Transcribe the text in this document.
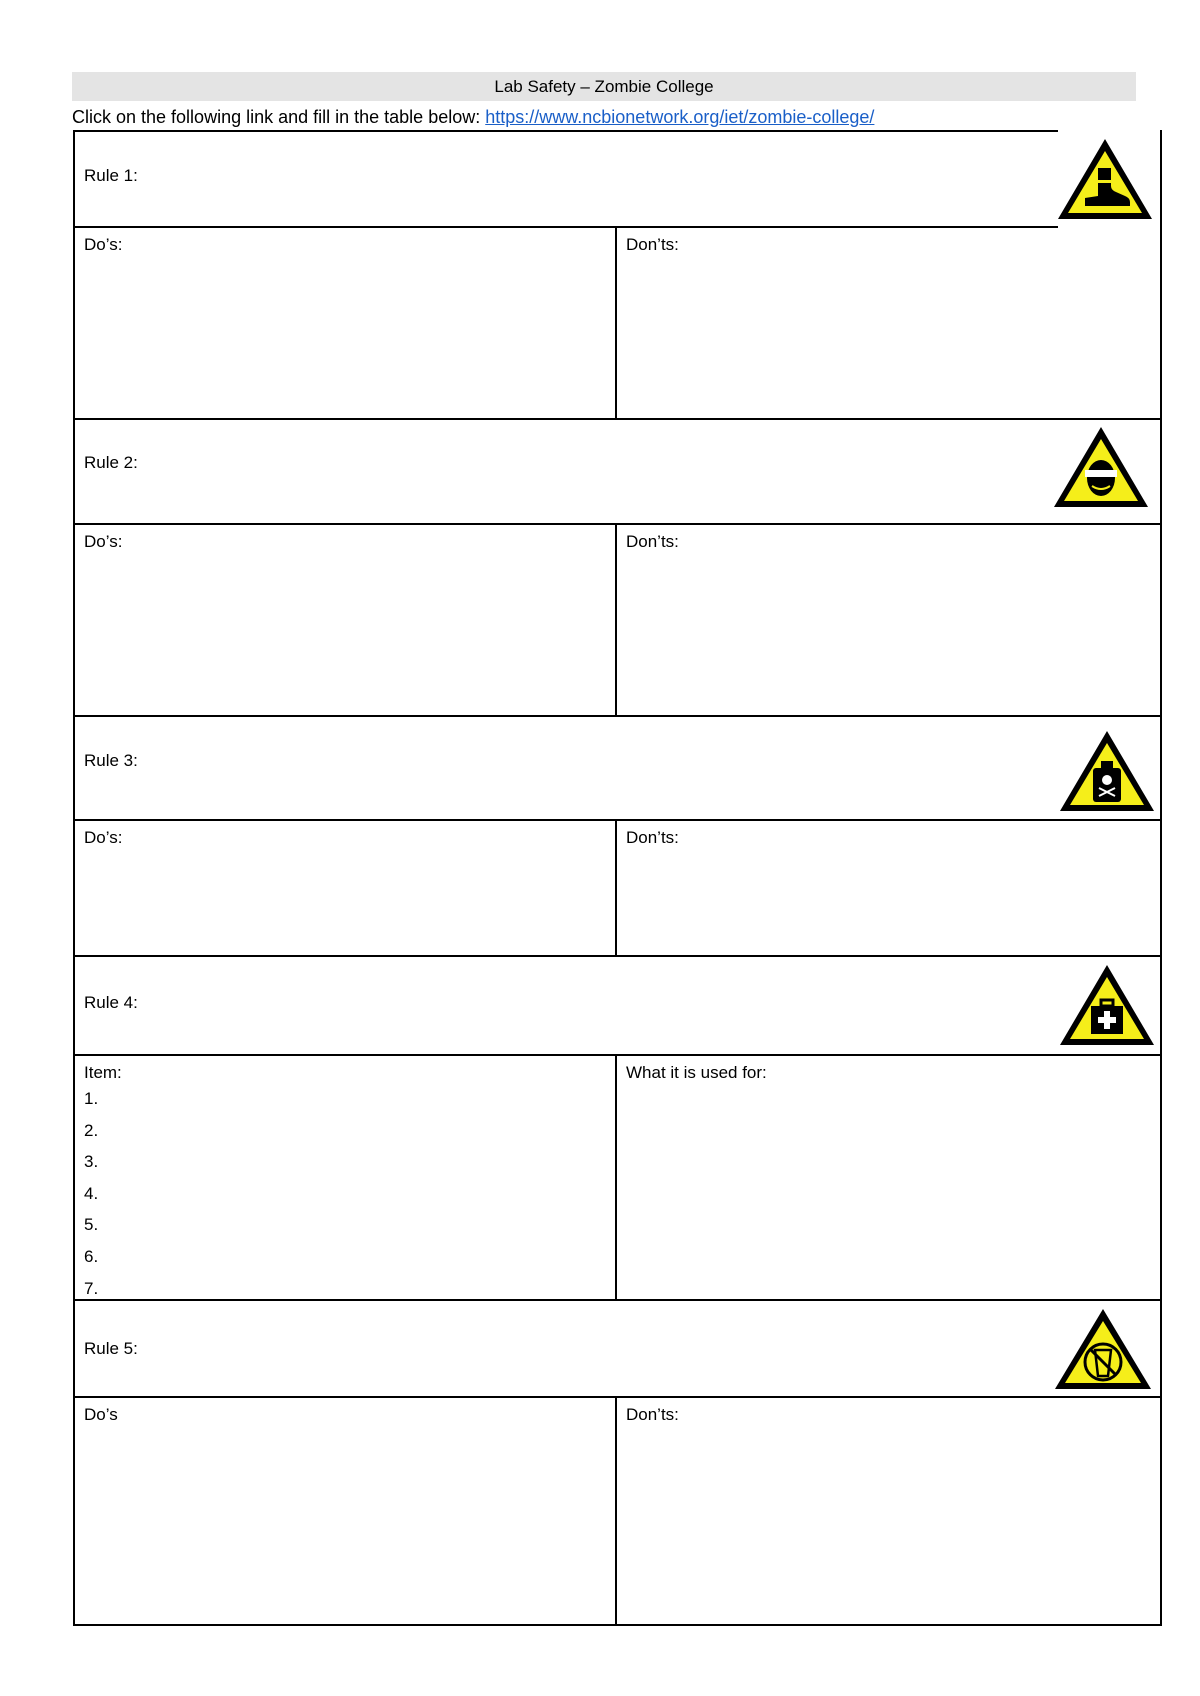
Lab Safety – Zombie College
Click on the following link and fill in the table below: https://www.ncbionetwork.org/iet/zombie-college/
Rule 1:
Do’s:	Don’ts:
Rule 2:
Do’s:	Don’ts:
Rule 3:
Do’s:	Don’ts:
Rule 4:
Item:	What it is used for:
1.
2.
3.
4.
5.
6.
7.
Rule 5:
Do’s	Don’ts:
